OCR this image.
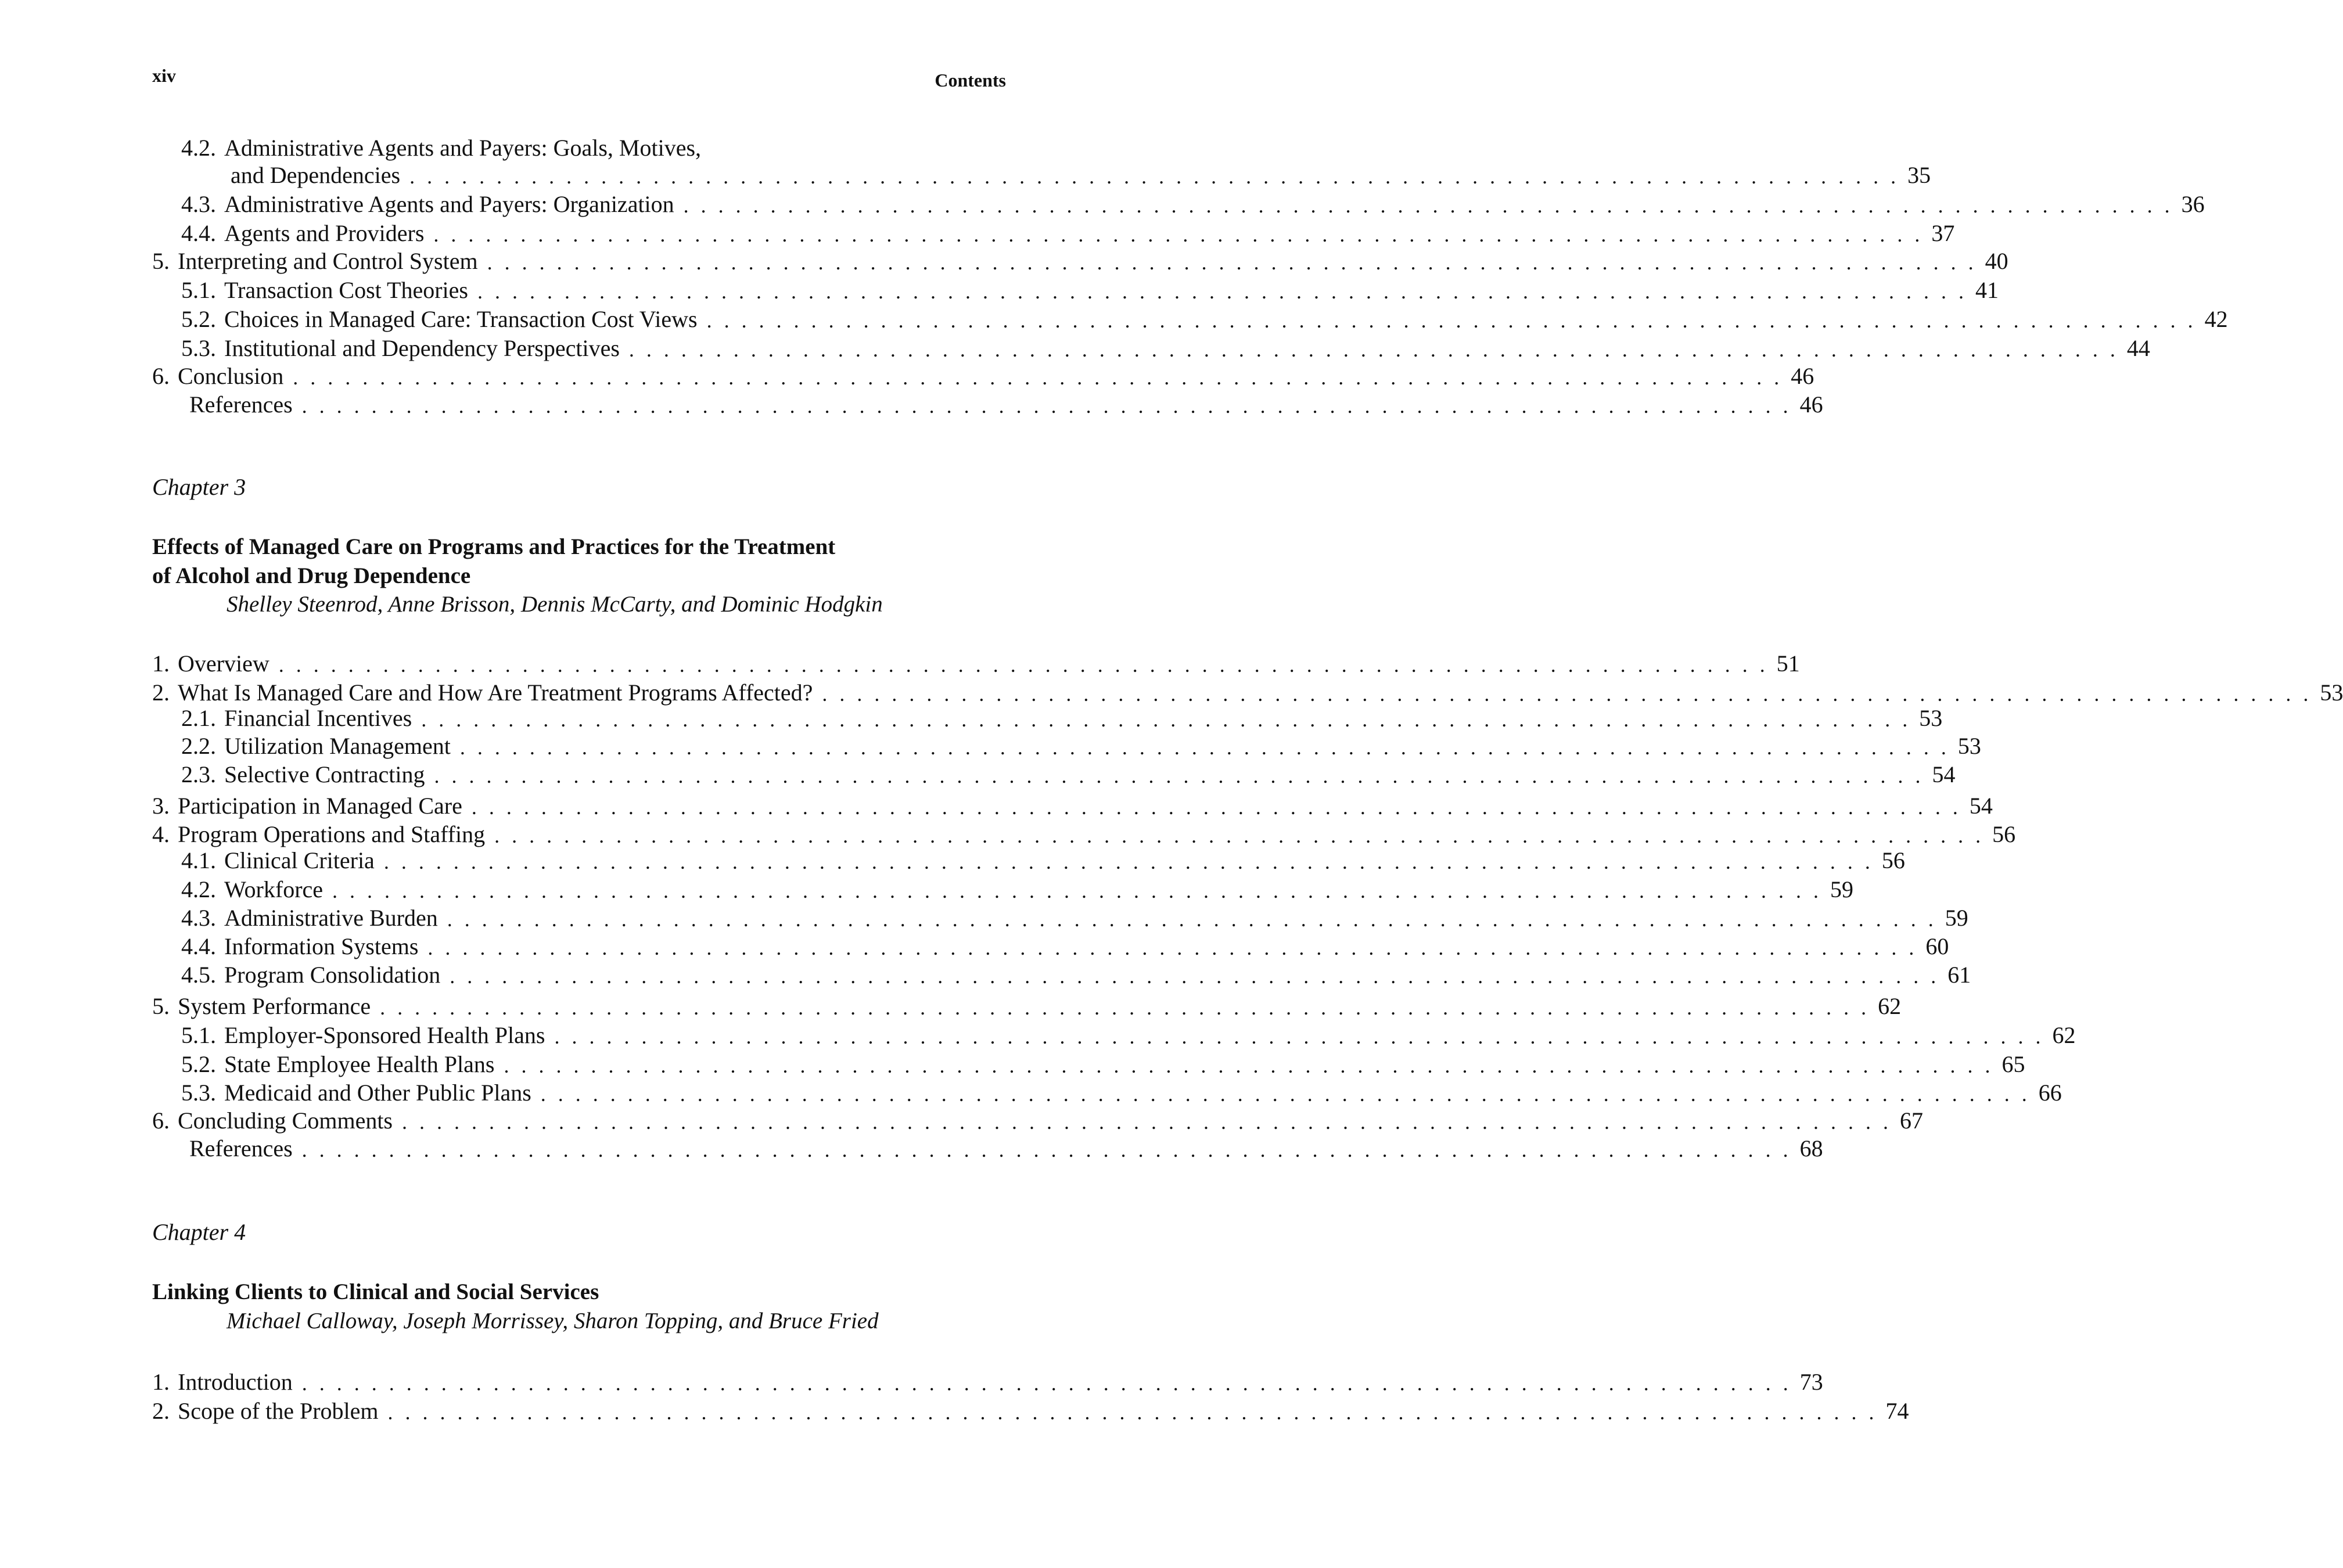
xiv	Contents
4.2. Administrative Agents and Payers: Goals, Motives,
and Dependencies . . . . . . . . . . . . . . . . . . . . . . . . . . . . . . . . . . . . . . . . . . . . . . . . . . . . . . . . . . . . . . . . . . . . . . . . . . . . . . . . . . . . . . 35
4.3. Administrative Agents and Payers: Organization . . . . . . . . . . . . . . . . . . . . . . . . . . . . . . . . . . . . . . . . . . . . . . . . . . . . . . . . . . . . . . . . . . . . . . . . . . . . . . . . . . . . . . 36
4.4. Agents and Providers . . . . . . . . . . . . . . . . . . . . . . . . . . . . . . . . . . . . . . . . . . . . . . . . . . . . . . . . . . . . . . . . . . . . . . . . . . . . . . . . . . . . . . 37
5. Interpreting and Control System . . . . . . . . . . . . . . . . . . . . . . . . . . . . . . . . . . . . . . . . . . . . . . . . . . . . . . . . . . . . . . . . . . . . . . . . . . . . . . . . . . . . . . 40
5.1. Transaction Cost Theories . . . . . . . . . . . . . . . . . . . . . . . . . . . . . . . . . . . . . . . . . . . . . . . . . . . . . . . . . . . . . . . . . . . . . . . . . . . . . . . . . . . . . . 41
5.2. Choices in Managed Care: Transaction Cost Views . . . . . . . . . . . . . . . . . . . . . . . . . . . . . . . . . . . . . . . . . . . . . . . . . . . . . . . . . . . . . . . . . . . . . . . . . . . . . . . . . . . . . . 42
5.3. Institutional and Dependency Perspectives . . . . . . . . . . . . . . . . . . . . . . . . . . . . . . . . . . . . . . . . . . . . . . . . . . . . . . . . . . . . . . . . . . . . . . . . . . . . . . . . . . . . . . 44
6. Conclusion . . . . . . . . . . . . . . . . . . . . . . . . . . . . . . . . . . . . . . . . . . . . . . . . . . . . . . . . . . . . . . . . . . . . . . . . . . . . . . . . . . . . . . 46
References . . . . . . . . . . . . . . . . . . . . . . . . . . . . . . . . . . . . . . . . . . . . . . . . . . . . . . . . . . . . . . . . . . . . . . . . . . . . . . . . . . . . . . 46
Chapter 3
Effects of Managed Care on Programs and Practices for the Treatment
of Alcohol and Drug Dependence
Shelley Steenrod, Anne Brisson, Dennis McCarty, and Dominic Hodgkin
1. Overview . . . . . . . . . . . . . . . . . . . . . . . . . . . . . . . . . . . . . . . . . . . . . . . . . . . . . . . . . . . . . . . . . . . . . . . . . . . . . . . . . . . . . . 51
2. What Is Managed Care and How Are Treatment Programs Affected? . . . . . . . . . . . . . . . . . . . . . . . . . . . . . . . . . . . . . . . . . . . . . . . . . . . . . . . . . . . . . . . . . . . . . . . . . . . . . . . . . . . . . . 53
2.1. Financial Incentives . . . . . . . . . . . . . . . . . . . . . . . . . . . . . . . . . . . . . . . . . . . . . . . . . . . . . . . . . . . . . . . . . . . . . . . . . . . . . . . . . . . . . . 53
2.2. Utilization Management . . . . . . . . . . . . . . . . . . . . . . . . . . . . . . . . . . . . . . . . . . . . . . . . . . . . . . . . . . . . . . . . . . . . . . . . . . . . . . . . . . . . . . 53
2.3. Selective Contracting . . . . . . . . . . . . . . . . . . . . . . . . . . . . . . . . . . . . . . . . . . . . . . . . . . . . . . . . . . . . . . . . . . . . . . . . . . . . . . . . . . . . . . 54
3. Participation in Managed Care . . . . . . . . . . . . . . . . . . . . . . . . . . . . . . . . . . . . . . . . . . . . . . . . . . . . . . . . . . . . . . . . . . . . . . . . . . . . . . . . . . . . . . 54
4. Program Operations and Staffing . . . . . . . . . . . . . . . . . . . . . . . . . . . . . . . . . . . . . . . . . . . . . . . . . . . . . . . . . . . . . . . . . . . . . . . . . . . . . . . . . . . . . . 56
4.1. Clinical Criteria . . . . . . . . . . . . . . . . . . . . . . . . . . . . . . . . . . . . . . . . . . . . . . . . . . . . . . . . . . . . . . . . . . . . . . . . . . . . . . . . . . . . . . 56
4.2. Workforce . . . . . . . . . . . . . . . . . . . . . . . . . . . . . . . . . . . . . . . . . . . . . . . . . . . . . . . . . . . . . . . . . . . . . . . . . . . . . . . . . . . . . . 59
4.3. Administrative Burden . . . . . . . . . . . . . . . . . . . . . . . . . . . . . . . . . . . . . . . . . . . . . . . . . . . . . . . . . . . . . . . . . . . . . . . . . . . . . . . . . . . . . . 59
4.4. Information Systems . . . . . . . . . . . . . . . . . . . . . . . . . . . . . . . . . . . . . . . . . . . . . . . . . . . . . . . . . . . . . . . . . . . . . . . . . . . . . . . . . . . . . . 60
4.5. Program Consolidation . . . . . . . . . . . . . . . . . . . . . . . . . . . . . . . . . . . . . . . . . . . . . . . . . . . . . . . . . . . . . . . . . . . . . . . . . . . . . . . . . . . . . . 61
5. System Performance . . . . . . . . . . . . . . . . . . . . . . . . . . . . . . . . . . . . . . . . . . . . . . . . . . . . . . . . . . . . . . . . . . . . . . . . . . . . . . . . . . . . . . 62
5.1. Employer-Sponsored Health Plans . . . . . . . . . . . . . . . . . . . . . . . . . . . . . . . . . . . . . . . . . . . . . . . . . . . . . . . . . . . . . . . . . . . . . . . . . . . . . . . . . . . . . . 62
5.2. State Employee Health Plans . . . . . . . . . . . . . . . . . . . . . . . . . . . . . . . . . . . . . . . . . . . . . . . . . . . . . . . . . . . . . . . . . . . . . . . . . . . . . . . . . . . . . . 65
5.3. Medicaid and Other Public Plans . . . . . . . . . . . . . . . . . . . . . . . . . . . . . . . . . . . . . . . . . . . . . . . . . . . . . . . . . . . . . . . . . . . . . . . . . . . . . . . . . . . . . . 66
6. Concluding Comments . . . . . . . . . . . . . . . . . . . . . . . . . . . . . . . . . . . . . . . . . . . . . . . . . . . . . . . . . . . . . . . . . . . . . . . . . . . . . . . . . . . . . . 67
References . . . . . . . . . . . . . . . . . . . . . . . . . . . . . . . . . . . . . . . . . . . . . . . . . . . . . . . . . . . . . . . . . . . . . . . . . . . . . . . . . . . . . . 68
Chapter 4
Linking Clients to Clinical and Social Services
Michael Calloway, Joseph Morrissey, Sharon Topping, and Bruce Fried
1. Introduction . . . . . . . . . . . . . . . . . . . . . . . . . . . . . . . . . . . . . . . . . . . . . . . . . . . . . . . . . . . . . . . . . . . . . . . . . . . . . . . . . . . . . . 73
2. Scope of the Problem . . . . . . . . . . . . . . . . . . . . . . . . . . . . . . . . . . . . . . . . . . . . . . . . . . . . . . . . . . . . . . . . . . . . . . . . . . . . . . . . . . . . . . 74
